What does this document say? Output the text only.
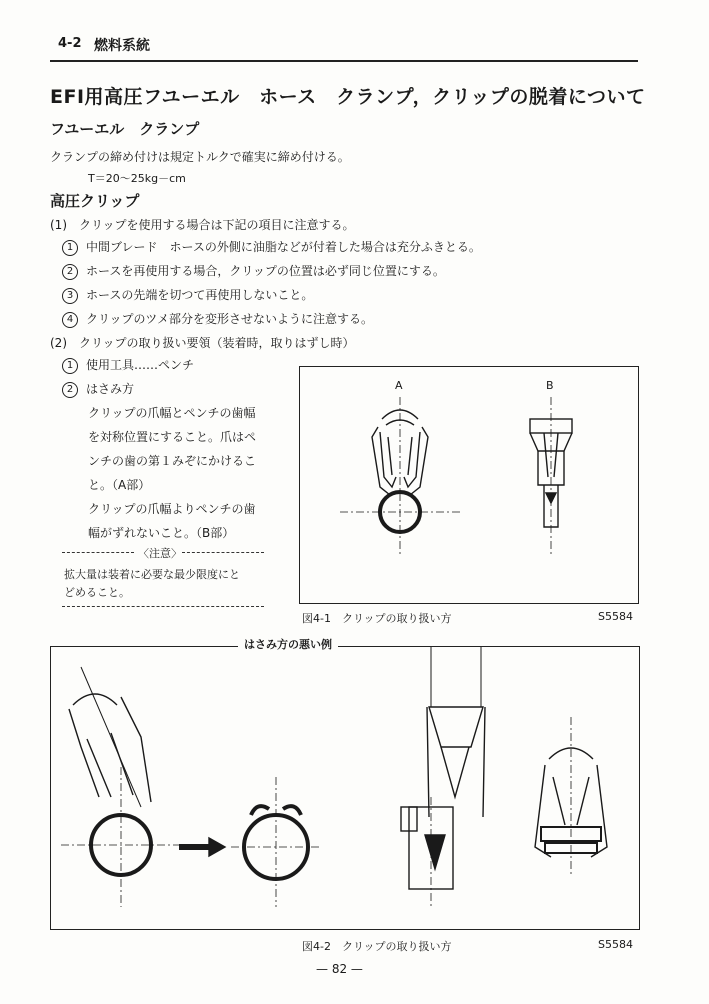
4-2 燃料系統
EFI用高圧フユーエル　ホース　クランプ，クリップの脱着について
フユーエル　クランプ
クランプの締め付けは規定トルクで確実に締め付ける。
T＝20～25kg－cm
高圧クリップ
(1)　クリップを使用する場合は下記の項目に注意する。
1 中間ブレード　ホースの外側に油脂などが付着した場合は充分ふきとる。
2 ホースを再使用する場合，クリップの位置は必ず同じ位置にする。
3 ホースの先端を切つて再使用しないこと。
4 クリップのツメ部分を変形させないように注意する。
(2)　クリップの取り扱い要領（装着時，取りはずし時）
1 使用工具……ペンチ
2 はさみ方
クリップの爪幅とペンチの歯幅
を対称位置にすること。爪はペ
ンチの歯の第１みぞにかけるこ
と。（A部）
クリップの爪幅よりペンチの歯
幅がずれないこと。（B部）
〈注意〉
拡大量は装着に必要な最少限度にと
どめること。
A	B
図4-1　クリップの取り扱い方	S5584
はさみ方の悪い例
図4-2　クリップの取り扱い方	S5584
— 82 —
